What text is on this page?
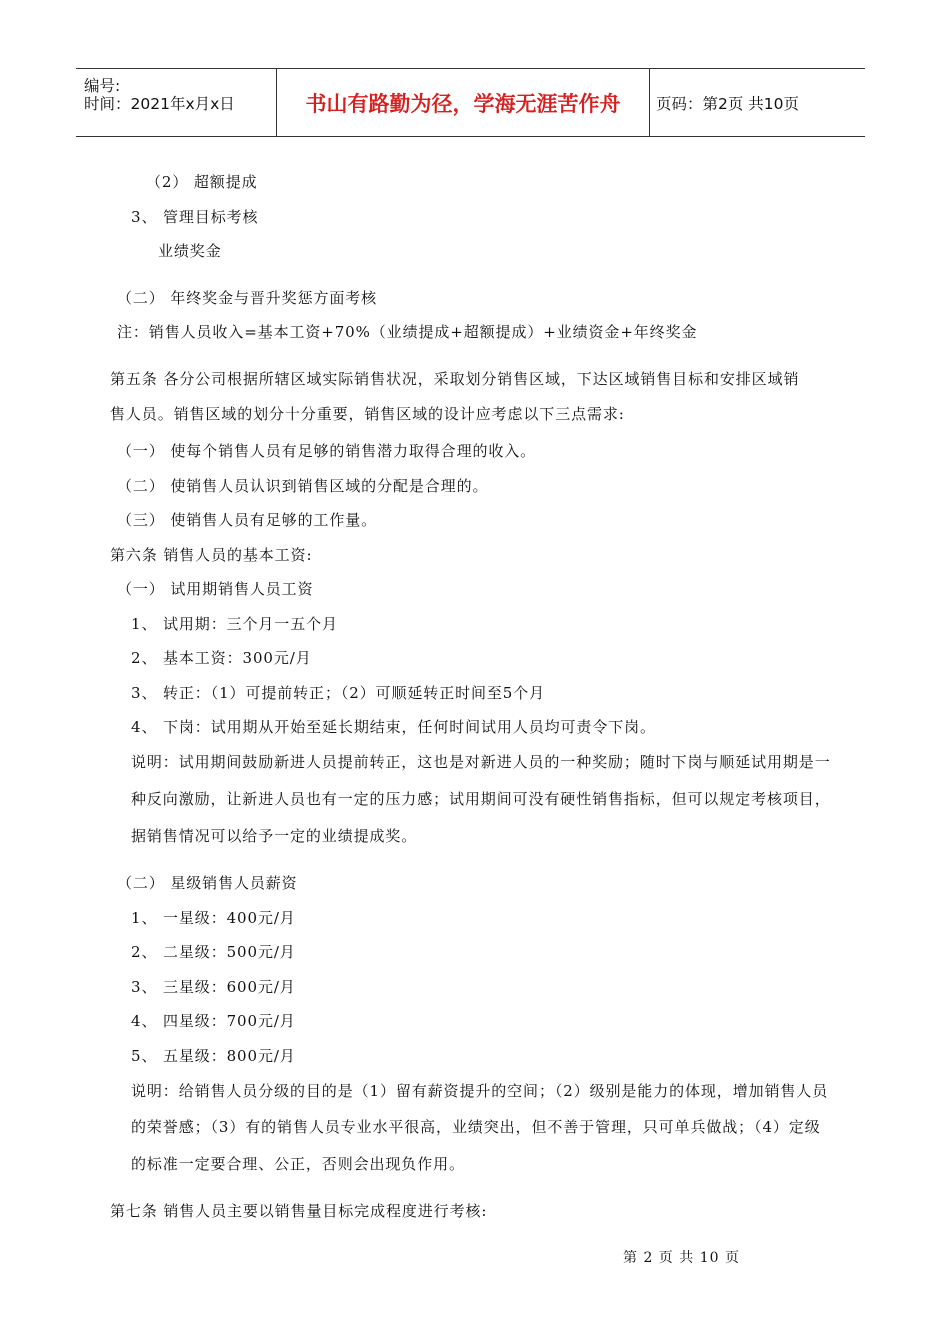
编号:
时间：2021年x月x日	书山有路勤为径，学海无涯苦作舟	页码：第2页 共10页
（2） 超额提成
3、 管理目标考核
业绩奖金
（二） 年终奖金与晋升奖惩方面考核
注：销售人员收入=基本工资+70%（业绩提成+超额提成）+业绩资金+年终奖金
第五条 各分公司根据所辖区域实际销售状况，采取划分销售区域，下达区域销售目标和安排区域销
售人员。销售区域的划分十分重要，销售区域的设计应考虑以下三点需求:
（一） 使每个销售人员有足够的销售潜力取得合理的收入。
（二） 使销售人员认识到销售区域的分配是合理的。
（三） 使销售人员有足够的工作量。
第六条 销售人员的基本工资:
（一） 试用期销售人员工资
1、 试用期：三个月一五个月
2、 基本工资：300元/月
3、 转正：（1）可提前转正；（2）可顺延转正时间至5个月
4、 下岗：试用期从开始至延长期结束，任何时间试用人员均可责令下岗。
说明：试用期间鼓励新进人员提前转正，这也是对新进人员的一种奖励；随时下岗与顺延试用期是一
种反向激励，让新进人员也有一定的压力感；试用期间可没有硬性销售指标，但可以规定考核项目，
据销售情况可以给予一定的业绩提成奖。
（二） 星级销售人员薪资
1、 一星级：400元/月
2、 二星级：500元/月
3、 三星级：600元/月
4、 四星级：700元/月
5、 五星级：800元/月
说明：给销售人员分级的目的是（1）留有薪资提升的空间；（2）级别是能力的体现，增加销售人员
的荣誉感；（3）有的销售人员专业水平很高，业绩突出，但不善于管理，只可单兵做战；（4）定级
的标准一定要合理、公正，否则会出现负作用。
第七条 销售人员主要以销售量目标完成程度进行考核:
第 2 页 共 10 页
